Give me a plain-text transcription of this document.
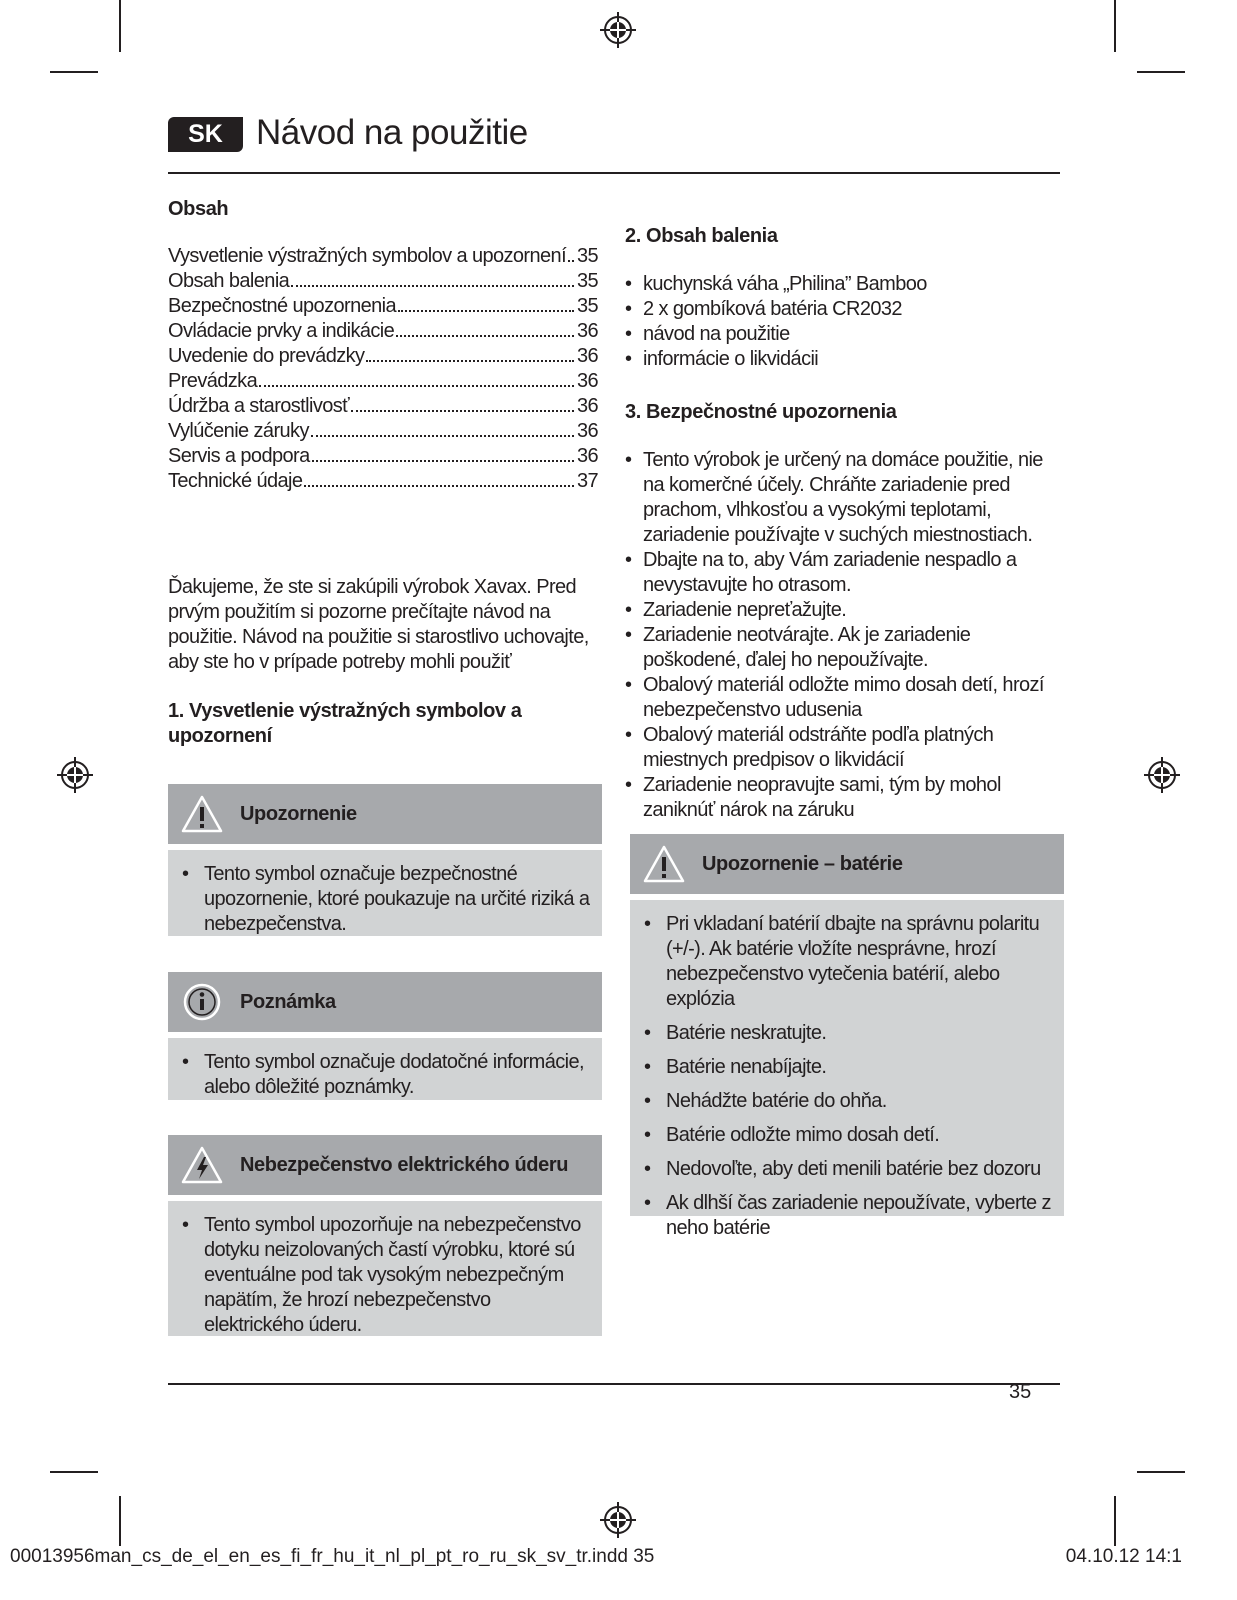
SK Návod na použitie
Obsah
Vysvetlenie výstražných symbolov a upozornení 35
Obsah balenia	35
Bezpečnostné upozornenia	35
Ovládacie prvky a indikácie	36
Uvedenie do prevádzky	36
Prevádzka	36
Údržba a starostlivosť	36
Vylúčenie záruky	36
Servis a podpora	36
Technické údaje	37
Ďakujeme, že ste si zakúpili výrobok Xavax. Pred prvým použitím si pozorne prečítajte návod na použitie. Návod na použitie si starostlivo uchovajte, aby ste ho v prípade potreby mohli použiť
1. Vysvetlenie výstražných symbolov a upozornení
Upozornenie
• Tento symbol označuje bezpečnostné upozornenie, ktoré poukazuje na určité riziká a nebezpečenstva.
Poznámka
• Tento symbol označuje dodatočné informácie, alebo dôležité poznámky.
Nebezpečenstvo elektrického úderu
• Tento symbol upozorňuje na nebezpečenstvo dotyku neizolovaných častí výrobku, ktoré sú eventuálne pod tak vysokým nebezpečným napätím, že hrozí nebezpečenstvo elektrického úderu.
2. Obsah balenia
• kuchynská váha „Philina” Bamboo
• 2 x gombíková batéria CR2032
• návod na použitie
• informácie o likvidácii
3. Bezpečnostné upozornenia
• Tento výrobok je určený na domáce použitie, nie na komerčné účely. Chráňte zariadenie pred prachom, vlhkosťou a vysokými teplotami, zariadenie používajte v suchých miestnostiach.
• Dbajte na to, aby Vám zariadenie nespadlo a nevystavujte ho otrasom.
• Zariadenie nepreťažujte.
• Zariadenie neotvárajte. Ak je zariadenie poškodené, ďalej ho nepoužívajte.
• Obalový materiál odložte mimo dosah detí, hrozí nebezpečenstvo udusenia
• Obalový materiál odstráňte podľa platných miestnych predpisov o likvidácií
• Zariadenie neopravujte sami, tým by mohol zaniknúť nárok na záruku
Upozornenie – batérie
• Pri vkladaní batérií dbajte na správnu polaritu (+/-). Ak batérie vložíte nesprávne, hrozí nebezpečenstvo vytečenia batérií, alebo explózia
• Batérie neskratujte.
• Batérie nenabíjajte.
• Nehádžte batérie do ohňa.
• Batérie odložte mimo dosah detí.
• Nedovoľte, aby deti menili batérie bez dozoru
• Ak dlhší čas zariadenie nepoužívate, vyberte z neho batérie
35
00013956man_cs_de_el_en_es_fi_fr_hu_it_nl_pl_pt_ro_ru_sk_sv_tr.indd 35	04.10.12 14:1
